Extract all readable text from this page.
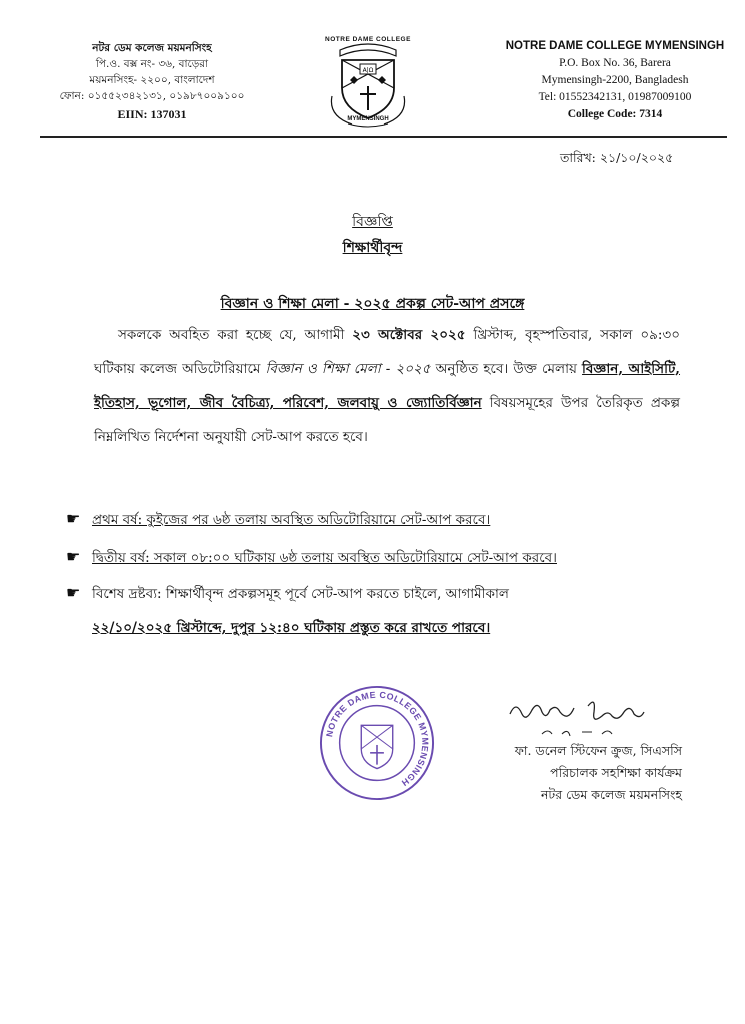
নটর ডেম কলেজ ময়মনসিংহ
পি.ও. বক্স নং- ৩৬, বাড়েরা
ময়মনসিংহ- ২২০০, বাংলাদেশ
ফোন: ০১৫৫২৩৪২১৩১, ০১৯৮৭০০৯১০০
EIIN: 137031
A|Ω
NOTRE DAME COLLEGE
MYMENSINGH
NOTRE DAME COLLEGE MYMENSINGH
P.O. Box No. 36, Barera
Mymensingh-2200, Bangladesh
Tel: 01552342131, 01987009100
College Code: 7314
তারিখ: ২১/১০/২০২৫
বিজ্ঞপ্তি
শিক্ষার্থীবৃন্দ
বিজ্ঞান ও শিক্ষা মেলা - ২০২৫ প্রকল্প সেট-আপ প্রসঙ্গে
সকলকে অবহিত করা হচ্ছে যে, আগামী ২৩ অক্টোবর ২০২৫ খ্রিস্টাব্দ, বৃহস্পতিবার, সকাল ০৯:৩০ ঘটিকায় কলেজ অডিটোরিয়ামে বিজ্ঞান ও শিক্ষা মেলা - ২০২৫ অনুষ্ঠিত হবে। উক্ত মেলায় বিজ্ঞান, আইসিটি, ইতিহাস, ভূগোল, জীব বৈচিত্র্য, পরিবেশ, জলবায়ু ও জ্যোতির্বিজ্ঞান বিষয়সমূহের উপর তৈরিকৃত প্রকল্প নিম্নলিখিত নির্দেশনা অনুযায়ী সেট-আপ করতে হবে।
☛ প্রথম বর্ষ: কুইজের পর ৬ষ্ঠ তলায় অবস্থিত অডিটোরিয়ামে সেট-আপ করবে।
☛ দ্বিতীয় বর্ষ: সকাল ০৮:০০ ঘটিকায় ৬ষ্ঠ তলায় অবস্থিত অডিটোরিয়ামে সেট-আপ করবে।
☛ বিশেষ দ্রষ্টব্য: শিক্ষার্থীবৃন্দ প্রকল্পসমূহ পূর্বে সেট-আপ করতে চাইলে, আগামীকাল
২২/১০/২০২৫ খ্রিস্টাব্দে, দুপুর ১২:৪০ ঘটিকায় প্রস্তুত করে রাখতে পারবে।
NOTRE DAME COLLEGE MYMENSINGH
ফা. ডনেল স্টিফেন ক্রুজ, সিএসসি
পরিচালক সহশিক্ষা কার্যক্রম
নটর ডেম কলেজ ময়মনসিংহ
